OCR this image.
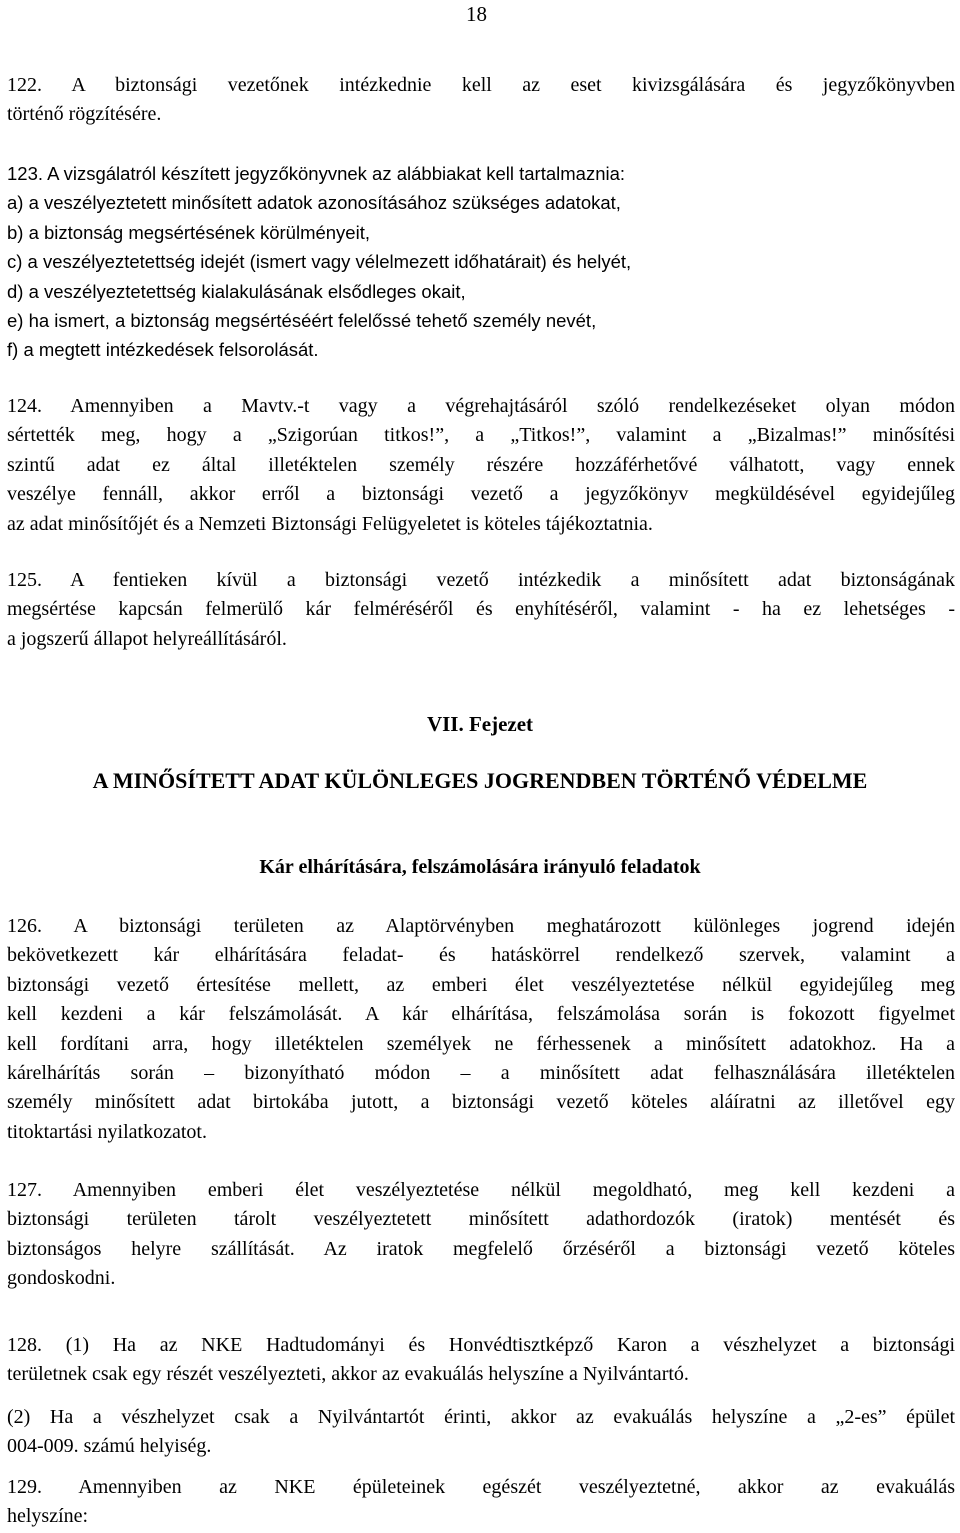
18
122. A biztonsági vezetőnek intézkednie kell az eset kivizsgálására és jegyzőkönyvben
történő rögzítésére.
123. A vizsgálatról készített jegyzőkönyvnek az alábbiakat kell tartalmaznia:
a) a veszélyeztetett minősített adatok azonosításához szükséges adatokat,
b) a biztonság megsértésének körülményeit,
c) a veszélyeztetettség idejét (ismert vagy vélelmezett időhatárait) és helyét,
d) a veszélyeztetettség kialakulásának elsődleges okait,
e) ha ismert, a biztonság megsértéséért felelőssé tehető személy nevét,
f) a megtett intézkedések felsorolását.
124. Amennyiben a Mavtv.-t vagy a végrehajtásáról szóló rendelkezéseket olyan módon
sértették meg, hogy a „Szigorúan titkos!”, a „Titkos!”, valamint a „Bizalmas!” minősítési
szintű adat ez által illetéktelen személy részére hozzáférhetővé válhatott, vagy ennek
veszélye fennáll, akkor erről a biztonsági vezető a jegyzőkönyv megküldésével egyidejűleg
az adat minősítőjét és a Nemzeti Biztonsági Felügyeletet is köteles tájékoztatnia.
125. A fentieken kívül a biztonsági vezető intézkedik a minősített adat biztonságának
megsértése kapcsán felmerülő kár felméréséről és enyhítéséről, valamint - ha ez lehetséges -
a jogszerű állapot helyreállításáról.
VII. Fejezet
A MINŐSÍTETT ADAT KÜLÖNLEGES JOGRENDBEN TÖRTÉNŐ VÉDELME
Kár elhárítására, felszámolására irányuló feladatok
126. A biztonsági területen az Alaptörvényben meghatározott különleges jogrend idején
bekövetkezett kár elhárítására feladat- és hatáskörrel rendelkező szervek, valamint a
biztonsági vezető értesítése mellett, az emberi élet veszélyeztetése nélkül egyidejűleg meg
kell kezdeni a kár felszámolását. A kár elhárítása, felszámolása során is fokozott figyelmet
kell fordítani arra, hogy illetéktelen személyek ne férhessenek a minősített adatokhoz. Ha a
kárelhárítás során – bizonyítható módon – a minősített adat felhasználására illetéktelen
személy minősített adat birtokába jutott, a biztonsági vezető köteles aláíratni az illetővel egy
titoktartási nyilatkozatot.
127. Amennyiben emberi élet veszélyeztetése nélkül megoldható, meg kell kezdeni a
biztonsági területen tárolt veszélyeztetett minősített adathordozók (iratok) mentését és
biztonságos helyre szállítását. Az iratok megfelelő őrzéséről a biztonsági vezető köteles
gondoskodni.
128. (1) Ha az NKE Hadtudományi és Honvédtisztképző Karon a vészhelyzet a biztonsági
területnek csak egy részét veszélyezteti, akkor az evakuálás helyszíne a Nyilvántartó.
(2) Ha a vészhelyzet csak a Nyilvántartót érinti, akkor az evakuálás helyszíne a „2-es” épület
004-009. számú helyiség.
129. Amennyiben az NKE épületeinek egészét veszélyeztetné, akkor az evakuálás
helyszíne:
